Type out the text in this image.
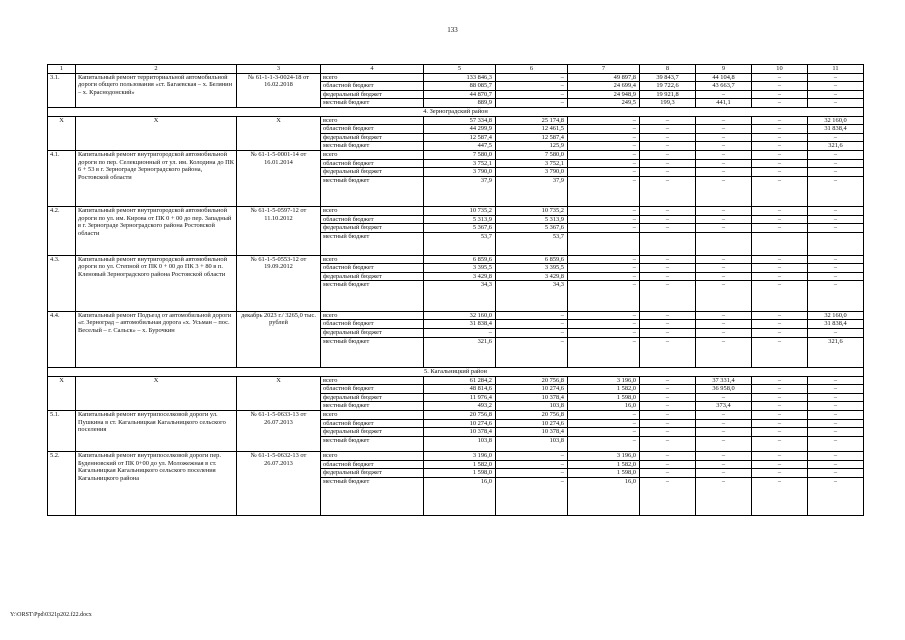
133
1	2	3	4	5	6	7	8	9	10	11
3.1.	Капитальный ремонт территориальной автомобильной дороги общего пользования «ст. Багаевская – х. Белянин – х. Краснодонский»	№ 61-1-1-3-0024-18 от 16.02.2018	всего	133 846,3	–	49 897,8	39 843,7	44 104,8	–	–
			областной бюджет	88 085,7	–	24 699,4	19 722,6	43 663,7	–	–
			федеральный бюджет	44 870,7	–	24 948,9	19 921,8	–	–	–
			местный бюджет	889,9	–	249,5	199,3	441,1	–	–
4. Зерноградский район										
Х	Х	Х	всего	57 334,8	25 174,8	–	–	–	–	32 160,0
			областной бюджет	44 299,9	12 461,5	–	–	–	–	31 838,4
			федеральный бюджет	12 587,4	12 587,4	–	–	–	–	–
			местный бюджет	447,5	125,9	–	–	–	–	321,6
4.1.	Капитальный ремонт внутригородской автомобильной дороги по пер. Селекционный от ул. им. Колодина до ПК 6 + 53 в г. Зернограде Зерноградского района, Ростовской области	№ 61-1-5-0001-14 от 16.01.2014	всего	7 580,0	7 580,0	–	–	–	–	–
			областной бюджет	3 752,1	3 752,1	–	–	–	–	–
			федеральный бюджет	3 790,0	3 790,0	–	–	–	–	–
			местный бюджет	37,9	37,9	–	–	–	–	–

4.2.	Капитальный ремонт внутригородской автомобильной дороги по ул. им. Кирова от ПК 0 + 00 до пер. Западный в г. Зернограде Зерноградского района Ростовской области	№ 61-1-5-0597-12 от 11.10.2012	всего	10 735,2	10 735,2	–	–	–	–	–
			областной бюджет	5 313,9	5 313,9	–	–	–	–	–
			федеральный бюджет	5 367,6	5 367,6	–	–	–	–	–
			местный бюджет	53,7	53,7					

4.3.	Капитальный ремонт внутригородской автомобильной дороги по ул. Степной от ПК 0 + 00 до ПК 3 + 80 в п. Кленовый Зерноградского района Ростовской области	№ 61-1-5-0553-12 от 19.09.2012	всего	6 859,6	6 859,6	–	–	–	–	–
			областной бюджет	3 395,5	3 395,5	–	–	–	–	–
			федеральный бюджет	3 429,8	3 429,8	–	–	–	–	–
			местный бюджет	34,3	34,3	–	–	–	–	–

4.4.	Капитальный ремонт Подъезд от автомобильной дороги «г. Зерноград – автомобильная дорога «х. Усьман – пос. Веселый – г. Сальск» – х. Бурочкин	декабрь 2023 г./ 3265,0 тыс. рублей	всего	32 160,0	–	–	–	–	–	32 160,0
			областной бюджет	31 838,4	–	–	–	–	–	31 838,4
			федеральный бюджет	–	–	–	–	–	–	–
			местный бюджет	321,6	–	–	–	–	–	321,6

5. Кагальницкий район										
Х	Х	Х	всего	61 284,2	20 756,8	3 196,0	–	37 331,4	–	–
			областной бюджет	48 814,6	10 274,6	1 582,0	–	36 958,0	–	–
			федеральный бюджет	11 976,4	10 378,4	1 598,0	–	–	–	–
			местный бюджет	493,2	103,8	16,0	–	373,4	–	–
5.1.	Капитальный ремонт внутрипоселковой дороги ул. Пушкина в ст. Кагальницкая Кагальницкого сельского поселения	№ 61-1-5-0633-13 от 26.07.2013	всего	20 756,8	20 756,8	–	–	–	–	–
			областной бюджет	10 274,6	10 274,6	–	–	–	–	–
			федеральный бюджет	10 378,4	10 378,4	–	–	–	–	–
			местный бюджет	103,8	103,8	–	–	–	–	–

5.2.	Капитальный ремонт внутрипоселковой дороги пер. Буденновский от ПК 0+00 до ул. Моложежная в ст. Кагальницкая Кагальницкого сельского поселения Кагальницкого района	№ 61-1-5-0632-13 от 26.07.2013	всего	3 196,0	–	3 196,0	–	–	–	–
			областной бюджет	1 582,0	–	1 582,0	–	–	–	–
			федеральный бюджет	1 598,0	–	1 598,0	–	–	–	–
			местный бюджет	16,0	–	16,0	–	–	–	–

Y:\ORST\Ppd\0321p202.f22.docx
